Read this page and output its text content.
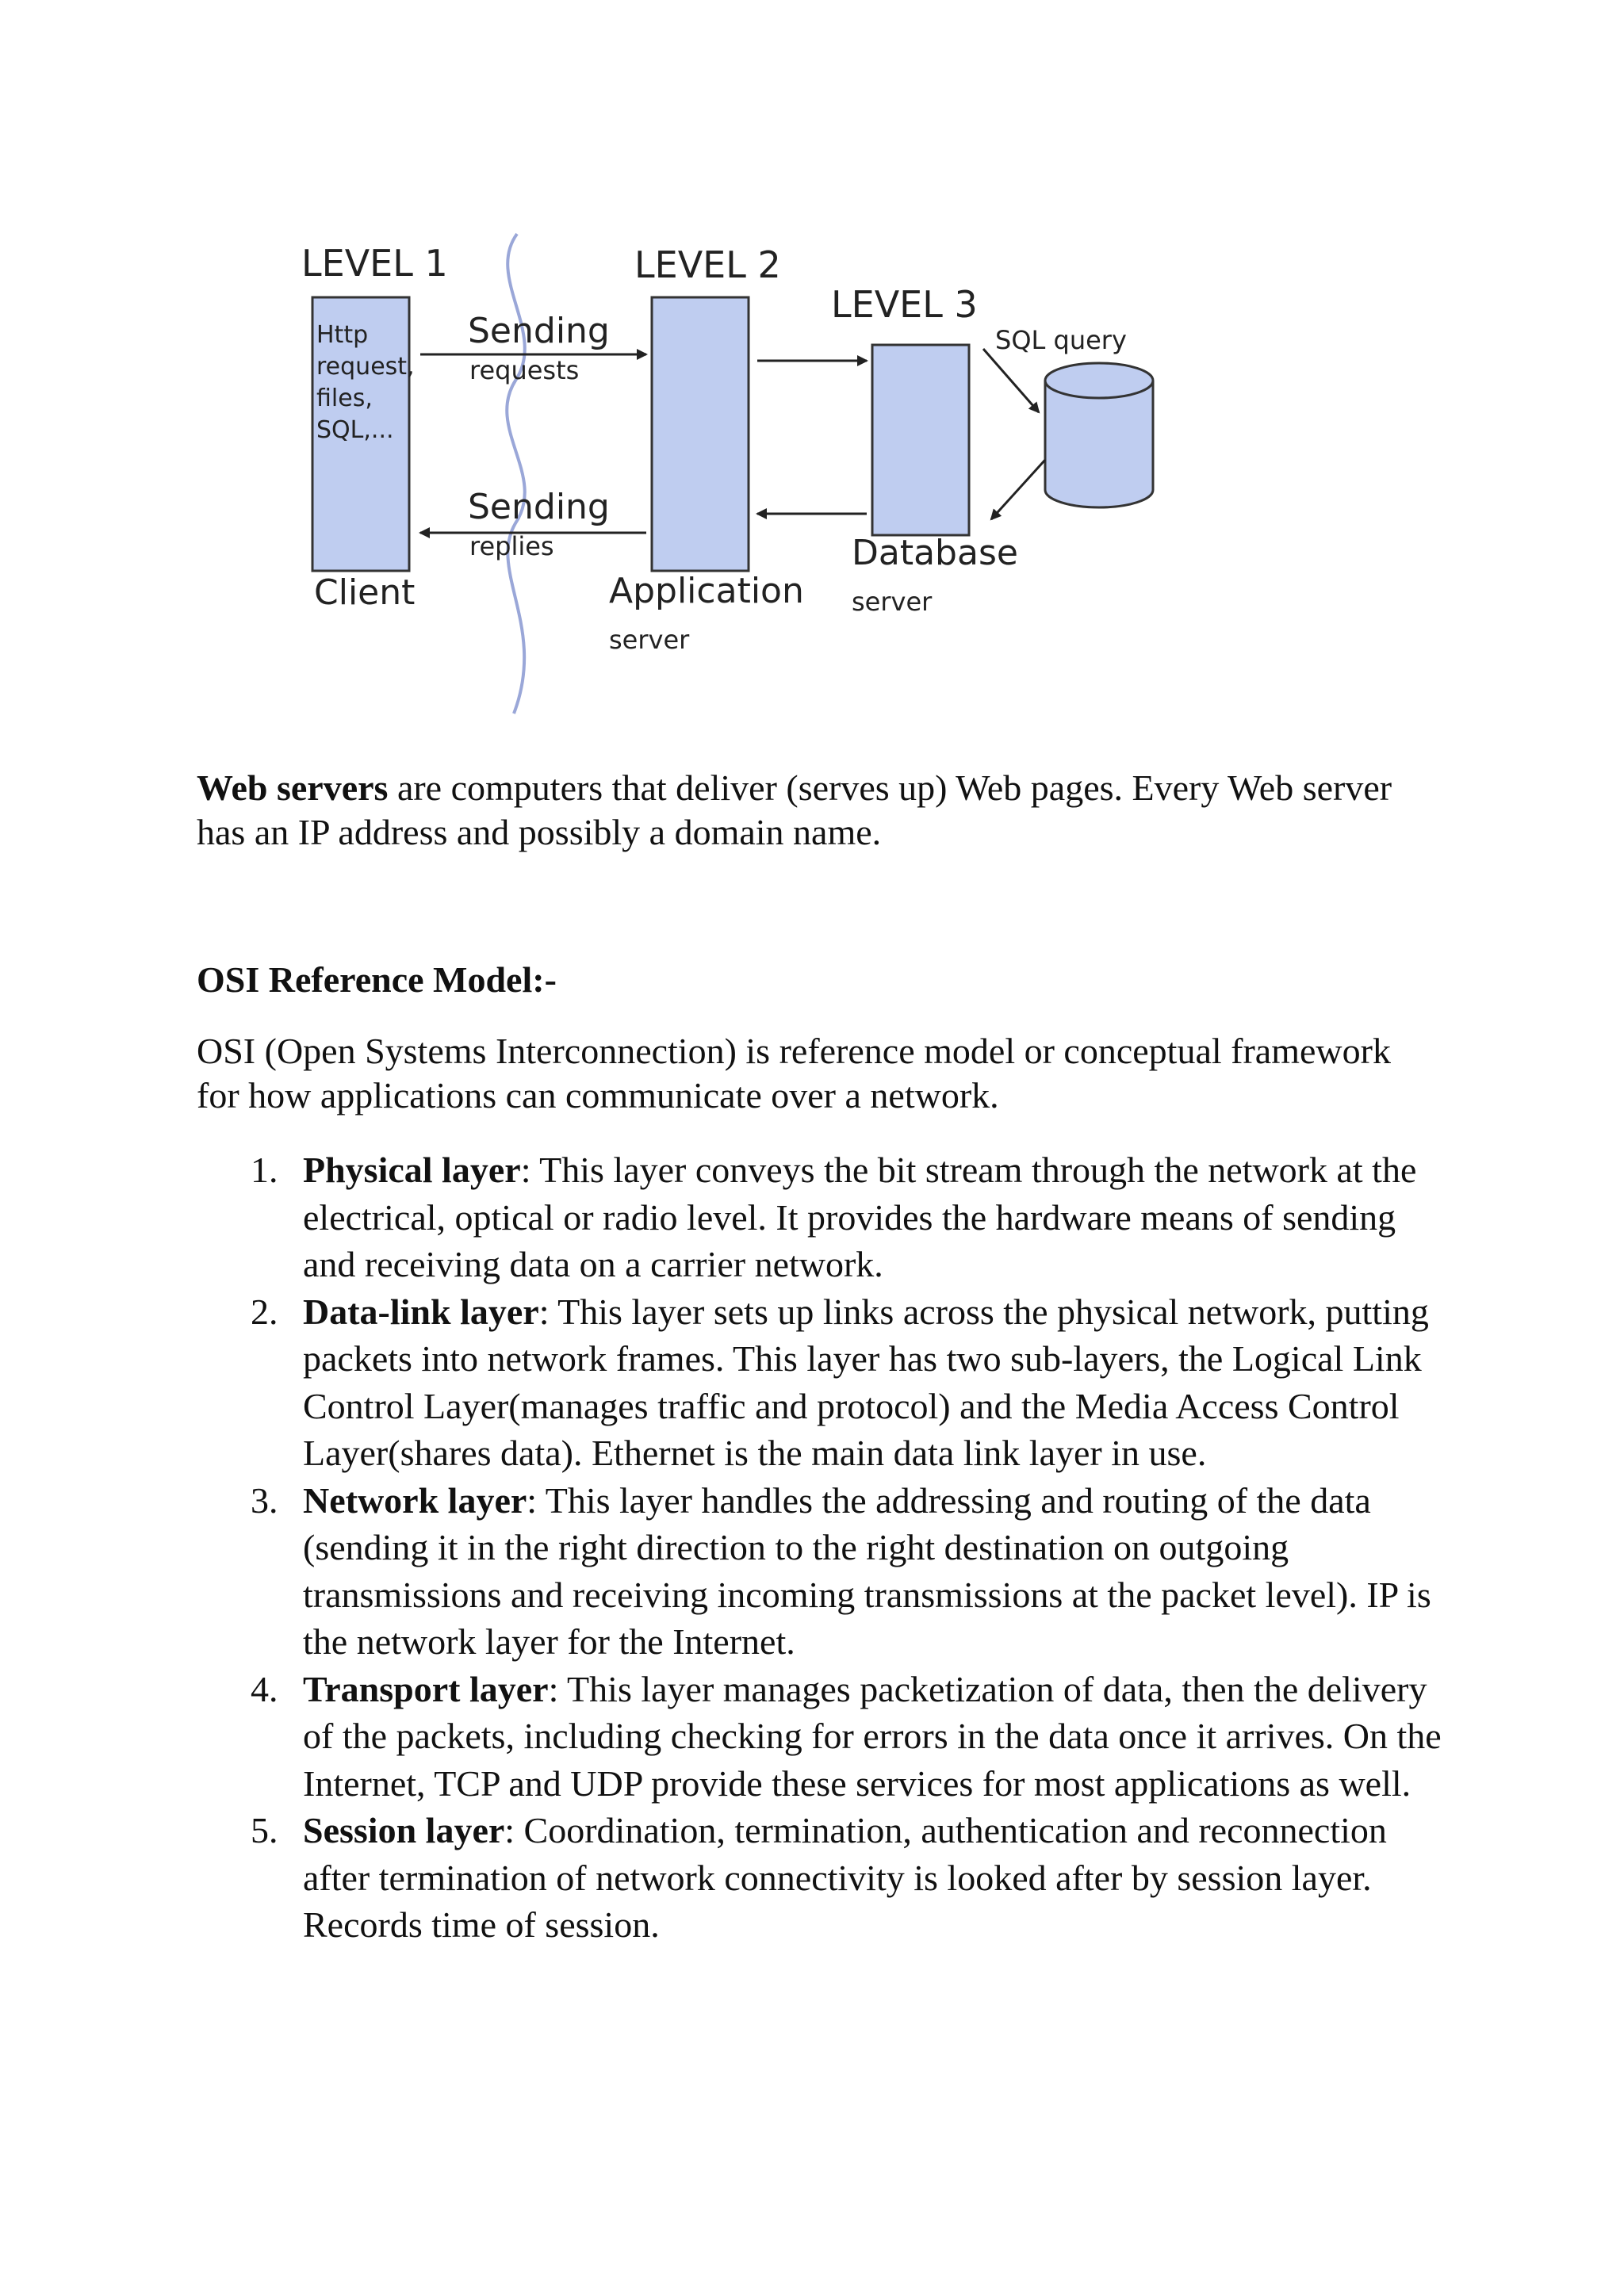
LEVEL 1	LEVEL 2
LEVEL 3
Http
request,
files,
SQL,...
Sending
requests
Sending
replies
SQL query
Client	Application
server
Database
server

Web servers are computers that deliver (serves up) Web pages. Every Web server has an IP address and possibly a domain name.

OSI Reference Model:-

OSI (Open Systems Interconnection) is reference model or conceptual framework for how applications can communicate over a network.

1. Physical layer: This layer conveys the bit stream through the network at the electrical, optical or radio level. It provides the hardware means of sending and receiving data on a carrier network.
2. Data-link layer: This layer sets up links across the physical network, putting packets into network frames. This layer has two sub-layers, the Logical Link Control Layer(manages traffic and protocol) and the Media Access Control Layer(shares data). Ethernet is the main data link layer in use.
3. Network layer: This layer handles the addressing and routing of the data (sending it in the right direction to the right destination on outgoing transmissions and receiving incoming transmissions at the packet level). IP is the network layer for the Internet.
4. Transport layer: This layer manages packetization of data, then the delivery of the packets, including checking for errors in the data once it arrives. On the Internet, TCP and UDP provide these services for most applications as well.
5. Session layer: Coordination, termination, authentication and reconnection after termination of network connectivity is looked after by session layer. Records time of session.
